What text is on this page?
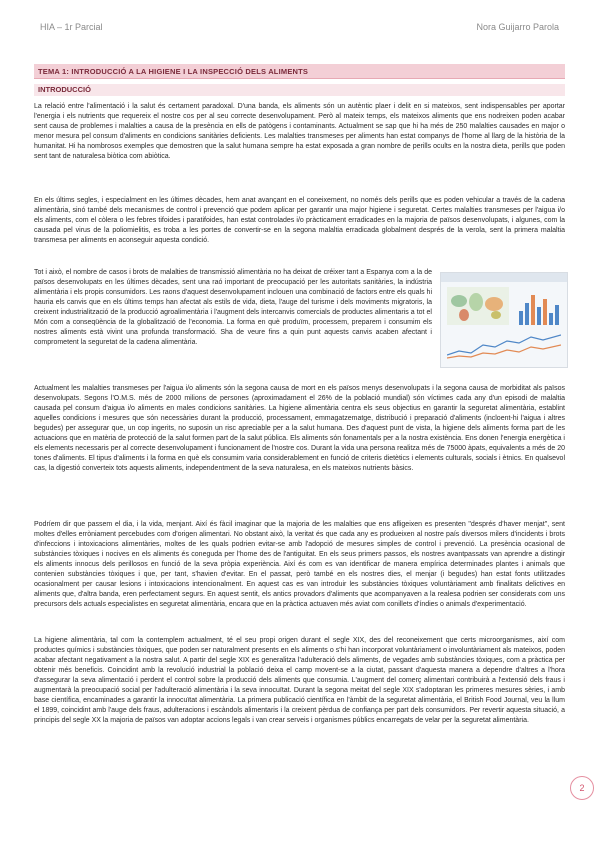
HIA – 1r Parcial	Nora Guijarro Parola
TEMA 1: INTRODUCCIÓ A LA HIGIENE I LA INSPECCIÓ DELS ALIMENTS
INTRODUCCIÓ
La relació entre l'alimentació i la salut és certament paradoxal. D'una banda, els aliments són un autèntic plaer i delit en si mateixos, sent indispensables per aportar l'energia i els nutrients que requereix el nostre cos per al seu correcte desenvolupament. Però al mateix temps, els mateixos aliments que ens nodreixen poden acabar sent causa de problemes i malalties a causa de la presència en ells de patògens i contaminants. Actualment se sap que hi ha més de 250 malalties causades en major o menor mesura pel consum d'aliments en condicions sanitàries deficients. Les malalties transmeses per aliments han estat companys de l'home al llarg de la història de la humanitat. Hi ha nombrosos exemples que demostren que la salut humana sempre ha estat exposada a gran nombre de perills ocults en la nostra dieta, perills que poden sent tant de naturalesa biòtica com abiòtica.
En els últims segles, i especialment en les últimes dècades, hem anat avançant en el coneixement, no només dels perills que es poden vehicular a través de la cadena alimentària, sinó també dels mecanismes de control i prevenció que podem aplicar per garantir una major higiene i seguretat. Certes malalties transmeses per l'aigua i/o els aliments, com el còlera o les febres tifoides i paratifoides, han estat controlades i/o pràcticament erradicades en la majoria de països desenvolupats, i algunes, com la causada pel virus de la poliomielitis, es troba a les portes de convertir-se en la segona malaltia erradicada globalment després de la verola, sent la primera malaltia transmesa per aliments en aconseguir aquesta condició.
Tot i això, el nombre de casos i brots de malalties de transmissió alimentària no ha deixat de créixer tant a Espanya com a la de països desenvolupats en les últimes dècades, sent una raó important de preocupació per les autoritats sanitàries, la indústria alimentària i els propis consumidors. Les raons d'aquest desenvolupament inclouen una combinació de factors entre els quals hi hauria els canvis que en els últims temps han afectat als estils de vida, dieta, l'auge del turisme i dels moviments migratoris, la creixent industrialització de la producció agroalimentària i l'augment dels intercanvis comercials de productes alimentaris a tot el Món com a conseqüència de la globalització de l'economia. La forma en què produïm, processem, preparem i consumim els nostres aliments està vivint una profunda transformació. Sha de veure fins a quin punt aquests canvis acaben afectant i comprometent la seguretat de la cadena alimentària.
Actualment les malalties transmeses per l'aigua i/o aliments són la segona causa de mort en els països menys desenvolupats i la segona causa de morbiditat als països desenvolupats. Segons l'O.M.S. més de 2000 milions de persones (aproximadament el 26% de la població mundial) són víctimes cada any d'un episodi de malaltia causada pel consum d'aigua i/o aliments en males condicions sanitàries. La higiene alimentària centra els seus objectius en garantir la seguretat alimentària, establint aquelles condicions i mesures que són necessàries durant la producció, processament, emmagatzematge, distribució i preparació d'aliments (incloent-hi l'aigua i altres begudes) per assegurar que, un cop ingerits, no suposin un risc apreciable per a la salut humana. Des d'aquest punt de vista, la higiene dels aliments forma part de les actuacions que en matèria de protecció de la salut formen part de la salut pública. Els aliments són fonamentals per a la nostra existència. Ens donen l'energia energètica i els elements necessaris per al correcte desenvolupament i funcionament de l'nostre cos. Durant la vida una persona realitza més de 75000 àpats, equivalents a més de 20 tones d'aliments. El tipus d'aliments i la forma en què els consumim varia considerablement en funció de criteris dietètics i elements culturals, socials i ètnics. En qualsevol cas, la digestió converteix tots aquests aliments, independentment de la seva naturalesa, en els mateixos nutrients bàsics.
Podríem dir que passem el dia, i la vida, menjant. Així és fàcil imaginar que la majoria de les malalties que ens afligeixen es presenten "després d'haver menjat", sent moltes d'elles erròniament percebudes com d'origen alimentari. No obstant això, la veritat és que cada any es produeixen al nostre país diversos milers d'incidents i brots d'infeccions i intoxicacions alimentàries, moltes de les quals podrien evitar-se amb l'adopció de mesures simples de control i prevenció. La presència ocasional de substàncies tòxiques i nocives en els aliments és coneguda per l'home des de l'antiguitat. En els seus primers passos, els nostres avantpassats van aprendre a distingir els aliments innocus dels perillosos en funció de la seva pròpia experiència. Així és com es van identificar de manera empírica determinades plantes i animals que contenien substàncies tòxiques i que, per tant, s'havien d'evitar. En el passat, però també en els nostres dies, el menjar (i begudes) han estat fonts utilitzades ocasionalment per causar lesions i intoxicacions intencionalment. En aquest cas es van introduir les substàncies tòxiques voluntàriament amb finalitats delictives en aliments que, d'altra banda, eren perfectament segurs. En aquest sentit, els antics provadors d'aliments que acompanyaven a la realesa podrien ser considerats com uns precursors dels actuals especialistes en seguretat alimentària, encara que en la pràctica actuaven més aviat com conillets d'índies o animals d'experimentació.
La higiene alimentària, tal com la contemplem actualment, té el seu propi origen durant el segle XIX, des del reconeixement que certs microorganismes, així com productes químics i substàncies tòxiques, que poden ser naturalment presents en els aliments o s'hi han incorporat voluntàriament o involuntàriament als mateixos, poden acabar afectant negativament a la nostra salut. A partir del segle XIX es generalitza l'adulteració dels aliments, de vegades amb substàncies tòxiques, com a pràctica per obtenir més beneficis. Coincidint amb la revolució industrial la població deixa el camp movent-se a la ciutat, passant d'aquesta manera a dependre d'altres a l'hora d'assegurar la seva alimentació i perdent el control sobre la producció dels aliments que consumia. L'augment del comerç alimentari contribuirà a l'extensió dels fraus i augmentarà la preocupació social per l'adulteració alimentària i la seva innocuïtat. Durant la segona meitat del segle XIX s'adoptaran les primeres mesures sèries, i amb base científica, encaminades a garantir la innocuïtat alimentària. La primera publicació científica en l'àmbit de la seguretat alimentària, el British Food Journal, veu la llum el 1899, coincidint amb l'auge dels fraus, adulteracions i escàndols alimentaris i la creixent pèrdua de confiança per part dels consumidors. Per revertir aquesta situació, a principis del segle XX la majoria de països van adoptar accions legals i van crear serveis i organismes públics encarregats de velar per la seguretat alimentària.
2
